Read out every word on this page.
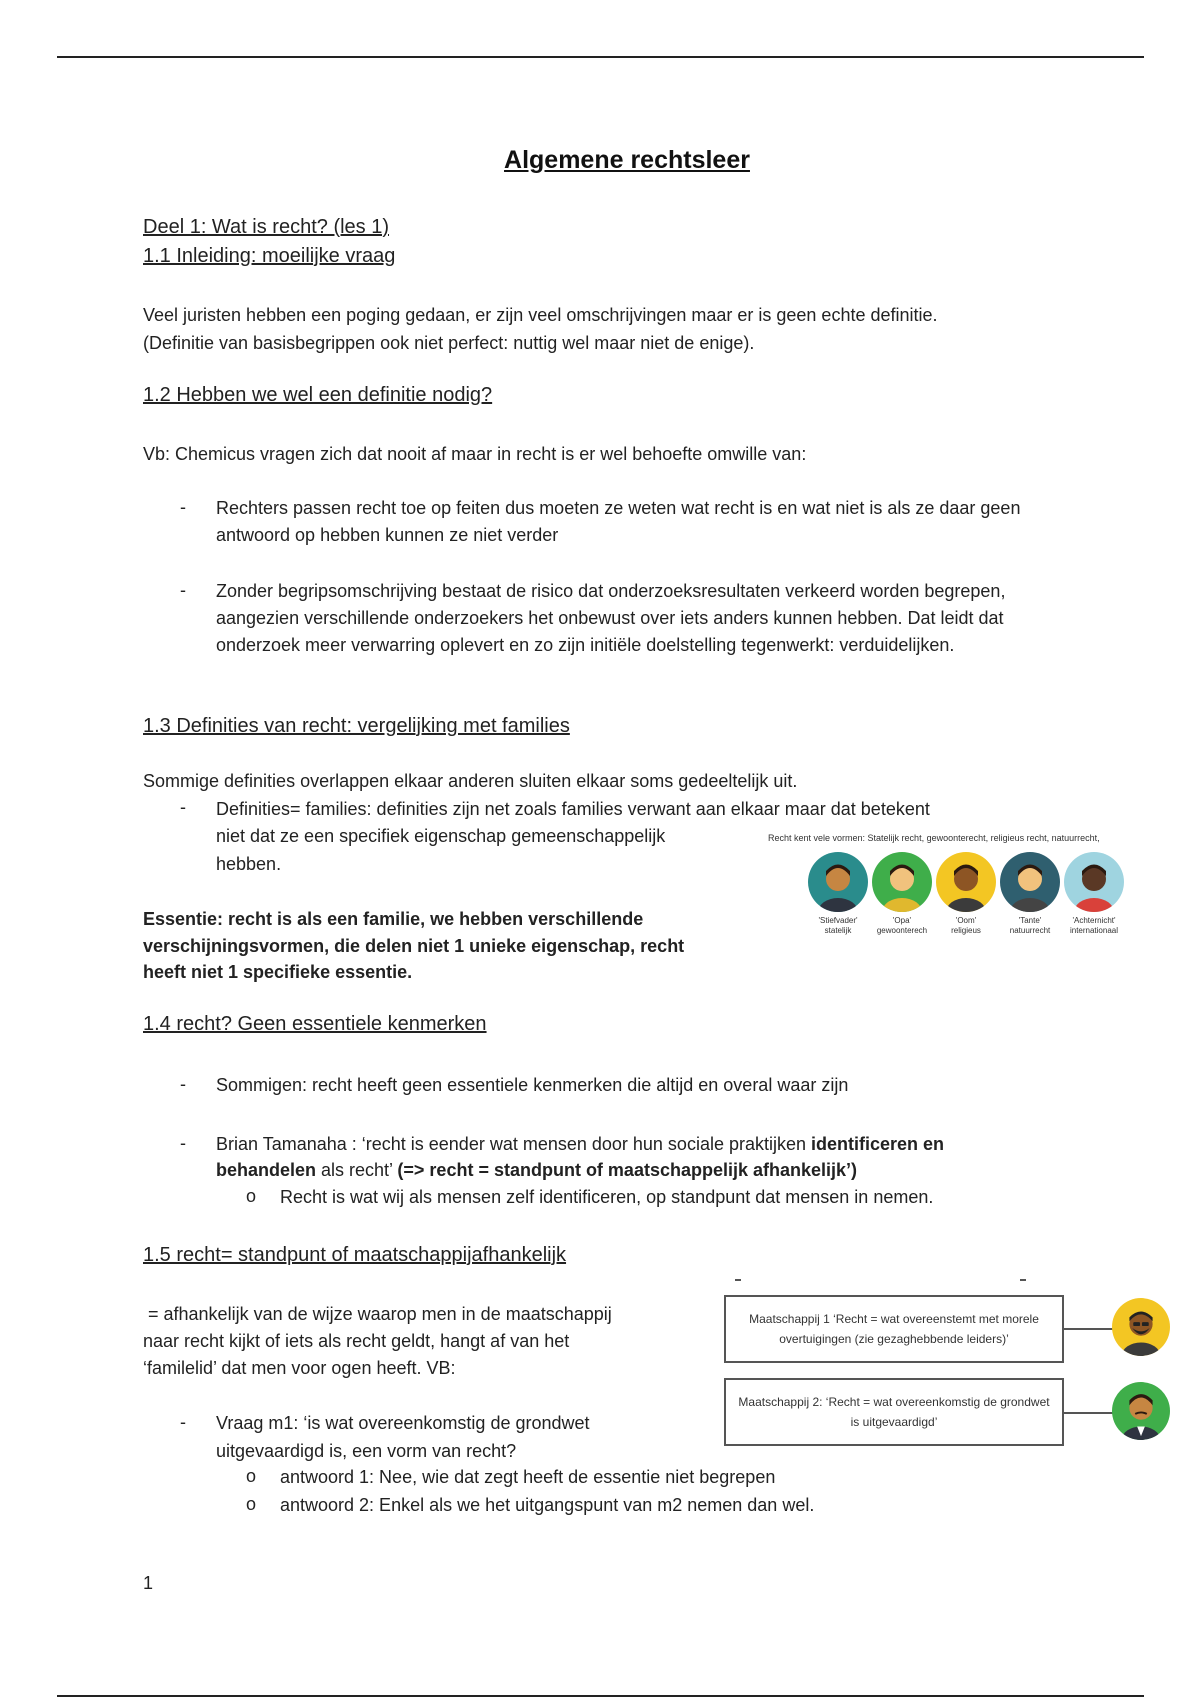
Algemene rechtsleer
Deel 1: Wat is recht? (les 1)
1.1 Inleiding: moeilijke vraag
Veel juristen hebben een poging gedaan, er zijn veel omschrijvingen maar er is geen echte definitie.
(Definitie van basisbegrippen ook niet perfect: nuttig wel maar niet de enige).
1.2 Hebben we wel een definitie nodig?
Vb: Chemicus vragen zich dat nooit af maar in recht is er wel behoefte omwille van:
- Rechters passen recht toe op feiten dus moeten ze weten wat recht is en wat niet is als ze daar geen antwoord op hebben kunnen ze niet verder
- Zonder begripsomschrijving bestaat de risico dat onderzoeksresultaten verkeerd worden begrepen, aangezien verschillende onderzoekers het onbewust over iets anders kunnen hebben. Dat leidt dat onderzoek meer verwarring oplevert en zo zijn initiële doelstelling tegenwerkt: verduidelijken.
1.3 Definities van recht: vergelijking met families
Sommige definities overlappen elkaar anderen sluiten elkaar soms gedeeltelijk uit.
- Definities= families: definities zijn net zoals families verwant aan elkaar maar dat betekent
niet dat ze een specifiek eigenschap gemeenschappelijk
hebben.
Essentie: recht is als een familie, we hebben verschillende
verschijningsvormen, die delen niet 1 unieke eigenschap, recht
heeft niet 1 specifieke essentie.
Recht kent vele vormen: Statelijk recht, gewoonterecht, religieus recht, natuurrecht,
'Stiefvader'
statelijk
'Opa'
gewoonterech
'Oom'
religieus
'Tante'
natuurrecht
'Achternicht'
internationaal
1.4 recht? Geen essentiele kenmerken
- Sommigen: recht heeft geen essentiele kenmerken die altijd en overal waar zijn
- Brian Tamanaha : ‘recht is eender wat mensen door hun sociale praktijken identificeren en
behandelen als recht’ (=> recht = standpunt of maatschappelijk afhankelijk’)
o Recht is wat wij als mensen zelf identificeren, op standpunt dat mensen in nemen.
1.5 recht= standpunt of maatschappijafhankelijk
= afhankelijk van de wijze waarop men in de maatschappij
naar recht kijkt of iets als recht geldt, hangt af van het
‘familelid’ dat men voor ogen heeft. VB:
- Vraag m1: ‘is wat overeenkomstig de grondwet
uitgevaardigd is, een vorm van recht?
o antwoord 1: Nee, wie dat zegt heeft de essentie niet begrepen
o antwoord 2: Enkel als we het uitgangspunt van m2 nemen dan wel.
Maatschappij 1 ‘Recht = wat overeenstemt met morele overtuigingen (zie gezaghebbende leiders)’
Maatschappij 2: ‘Recht = wat overeenkomstig de grondwet is uitgevaardigd’
1
